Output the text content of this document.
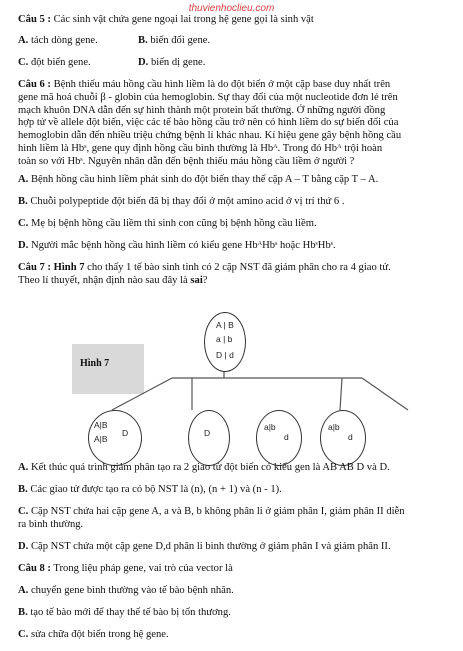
thuvienhoclieu.com
Câu 5 : Các sinh vật chứa gene ngoại lai trong hệ gene gọi là sinh vật
A. tách dòng gene.	B. biến đổi gene.
C. đột biến gene.	D. biến dị gene.
Câu 6 : Bệnh thiếu máu hồng cầu hình liềm là do đột biến ở một cặp base duy nhất trên
gene mã hoá chuỗi β - globin của hemoglobin. Sự thay đổi của một nucleotide đơn lẻ trên
mạch khuôn DNA dẫn đến sự hình thành một protein bất thường. Ở những người đồng
hợp tử về allele đột biến, việc các tế bào hồng cầu trở nên có hình liềm do sự biến đổi của
hemoglobin dẫn đến nhiều triệu chứng bệnh lí khác nhau. Kí hiệu gene gây bệnh hồng cầu
hình liềm là Hbˢ, gene quy định hồng cầu bình thường là Hbᴬ. Trong đó Hbᴬ trội hoàn
toàn so với Hbˢ. Nguyên nhân dẫn đến bệnh thiếu máu hồng cầu liềm ở người ?
A. Bệnh hồng cầu hình liềm phát sinh do đột biến thay thế cặp A – T bằng cặp T – A.
B. Chuỗi polypeptide đột biến đã bị thay đổi ở một amino acid ở vị trí thứ 6 .
C. Mẹ bị bệnh hồng cầu liềm thì sinh con cũng bị bệnh hồng cầu liềm.
D. Người mắc bệnh hồng cầu hình liềm có kiểu gene HbᴬHbˢ hoặc HbˢHbˢ.
Câu 7 : Hình 7 cho thấy 1 tế bào sinh tinh có 2 cặp NST đã giảm phân cho ra 4 giao tử.
Theo lí thuyết, nhận định nào sau đây là sai?
Hình 7
A | B
a | b
D | d
A|B
A|B
D	D
a|b
d
a|b
d
A. Kết thúc quá trình giảm phân tạo ra 2 giao tử đột biến có kiểu gen là AB AB D và D.
B. Các giao tử được tạo ra có bộ NST là (n), (n + 1) và (n - 1).
C. Cặp NST chứa hai cặp gene A, a và B, b không phân li ở giảm phân I, giảm phân II diễn
ra bình thường.
D. Cặp NST chứa một cặp gene D,d phân li bình thường ở giảm phân I và giảm phân II.
Câu 8 : Trong liệu pháp gene, vai trò của vector là
A. chuyển gene bình thường vào tế bào bệnh nhân.
B. tạo tế bào mới để thay thế tế bào bị tổn thương.
C. sửa chữa đột biến trong hệ gene.
